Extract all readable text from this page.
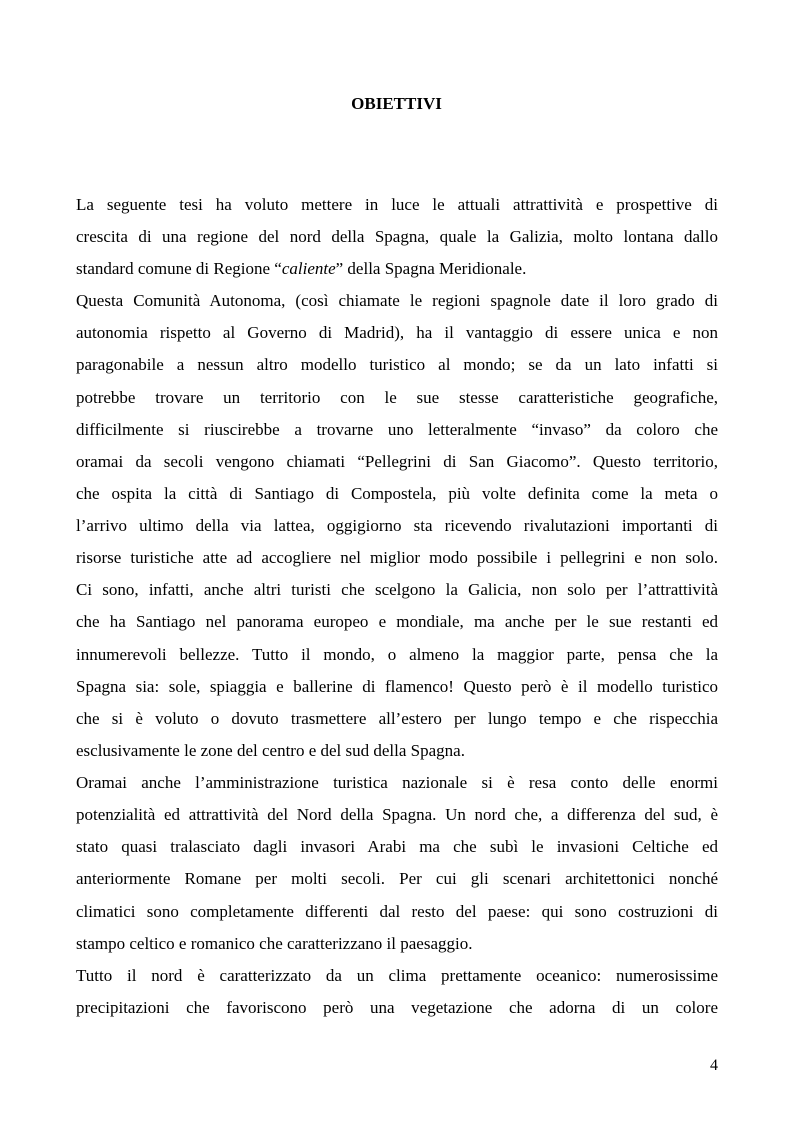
OBIETTIVI
La seguente tesi ha voluto mettere in luce le attuali attrattività e prospettive di
crescita di una regione del nord della Spagna, quale la Galizia, molto lontana dallo
standard comune di Regione “caliente” della Spagna Meridionale.
Questa Comunità Autonoma, (così chiamate le regioni spagnole date il loro grado di
autonomia rispetto al Governo di Madrid), ha il vantaggio di essere unica e non
paragonabile a nessun altro modello turistico al mondo; se da un lato infatti si
potrebbe trovare un territorio con le sue stesse caratteristiche geografiche,
difficilmente si riuscirebbe a trovarne uno letteralmente “invaso” da coloro che
oramai da secoli vengono chiamati “Pellegrini di San Giacomo”. Questo territorio,
che ospita la città di Santiago di Compostela, più volte definita come la meta o
l’arrivo ultimo della via lattea, oggigiorno sta ricevendo rivalutazioni importanti di
risorse turistiche atte ad accogliere nel miglior modo possibile i pellegrini e non solo.
Ci sono, infatti, anche altri turisti che scelgono la Galicia, non solo per l’attrattività
che ha Santiago nel panorama europeo e mondiale, ma anche per le sue restanti ed
innumerevoli bellezze. Tutto il mondo, o almeno la maggior parte, pensa che la
Spagna sia: sole, spiaggia e ballerine di flamenco! Questo però è il modello turistico
che si è voluto o dovuto trasmettere all’estero per lungo tempo e che rispecchia
esclusivamente le zone del centro e del sud della Spagna.
Oramai anche l’amministrazione turistica nazionale si è resa conto delle enormi
potenzialità ed attrattività del Nord della Spagna. Un nord che, a differenza del sud, è
stato quasi tralasciato dagli invasori Arabi ma che subì le invasioni Celtiche ed
anteriormente Romane per molti secoli. Per cui gli scenari architettonici nonché
climatici sono completamente differenti dal resto del paese: qui sono costruzioni di
stampo celtico e romanico che caratterizzano il paesaggio.
Tutto il nord è caratterizzato da un clima prettamente oceanico: numerosissime
precipitazioni che favoriscono però una vegetazione che adorna di un colore
4
